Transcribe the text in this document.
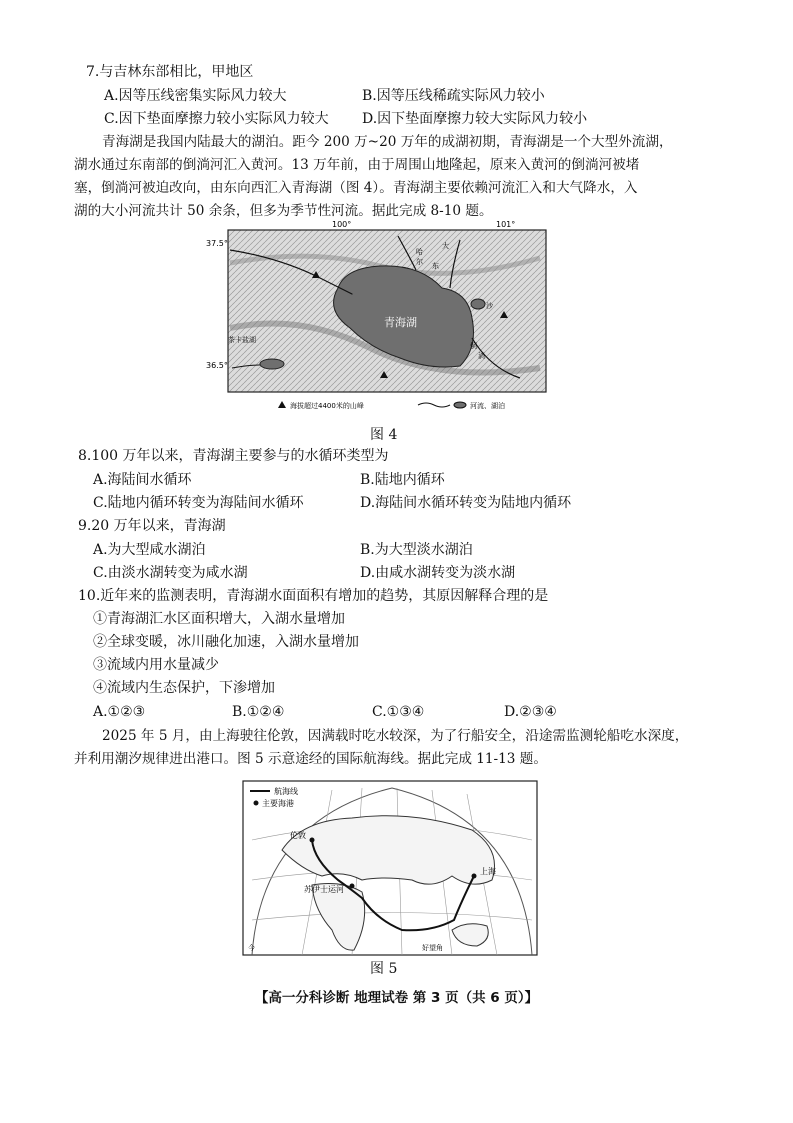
7.与吉林东部相比，甲地区
A.因等压线密集实际风力较大	B.因等压线稀疏实际风力较小
C.因下垫面摩擦力较小实际风力较大 D.因下垫面摩擦力较大实际风力较小
青海湖是我国内陆最大的湖泊。距今 200 万~20 万年的成湖初期，青海湖是一个大型外流湖，
湖水通过东南部的倒淌河汇入黄河。13 万年前，由于周围山地隆起，原来入黄河的倒淌河被堵
塞，倒淌河被迫改向，由东向西汇入青海湖（图 4）。青海湖主要依赖河流汇入和大气降水，入
湖的大小河流共计 50 余条，但多为季节性河流。据此完成 8-10 题。
100°	101°
37.5°
36.5°
青海湖
茶卡盐湖
哈
尔 东
大
沙
倒
淌
海拔超过4400米的山峰	河流、湖泊
图 4
8.100 万年以来，青海湖主要参与的水循环类型为
A.海陆间水循环	B.陆地内循环
C.陆地内循环转变为海陆间水循环	D.海陆间水循环转变为陆地内循环
9.20 万年以来，青海湖
A.为大型咸水湖泊	B.为大型淡水湖泊
C.由淡水湖转变为咸水湖	D.由咸水湖转变为淡水湖
10.近年来的监测表明，青海湖水面面积有增加的趋势，其原因解释合理的是
①青海湖汇水区面积增大，入湖水量增加
②全球变暖，冰川融化加速，入湖水量增加
③流域内用水量减少
④流域内生态保护，下渗增加
A.①②③	B.①②④	C.①③④	D.②③④
2025 年 5 月，由上海驶往伦敦，因满载时吃水较深，为了行船安全，沿途需监测轮船吃水深度，
并利用潮汐规律进出港口。图 5 示意途经的国际航海线。据此完成 11-13 题。
航海线
主要海港
伦敦
苏伊士运河
上海
好望角
今
图 5
【高一分科诊断 地理试卷 第 3 页（共 6 页）】
